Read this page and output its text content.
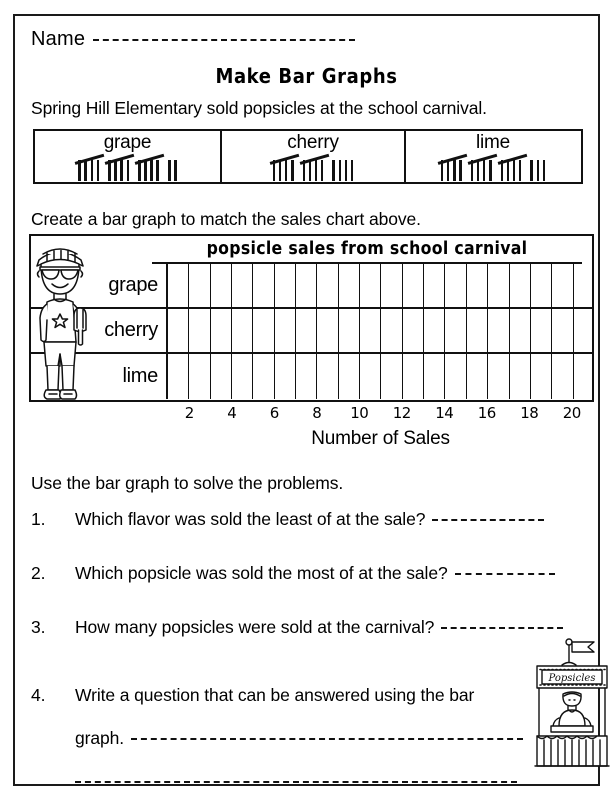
Name
Make Bar Graphs
Spring Hill Elementary sold popsicles at the school carnival.
grape	cherry	lime
Create a bar graph to match the sales chart above.
popsicle sales from school carnival
grape
cherry
lime
2 4 6 8 10 12 14 16 18 20
Number of Sales
Use the bar graph to solve the problems.
1.	Which flavor was sold the least of at the sale?
2.	Which popsicle was sold the most of at the sale?
3.	How many popsicles were sold at the carnival?
4.	Write a question that can be answered using the bar
graph.
Popsicles
